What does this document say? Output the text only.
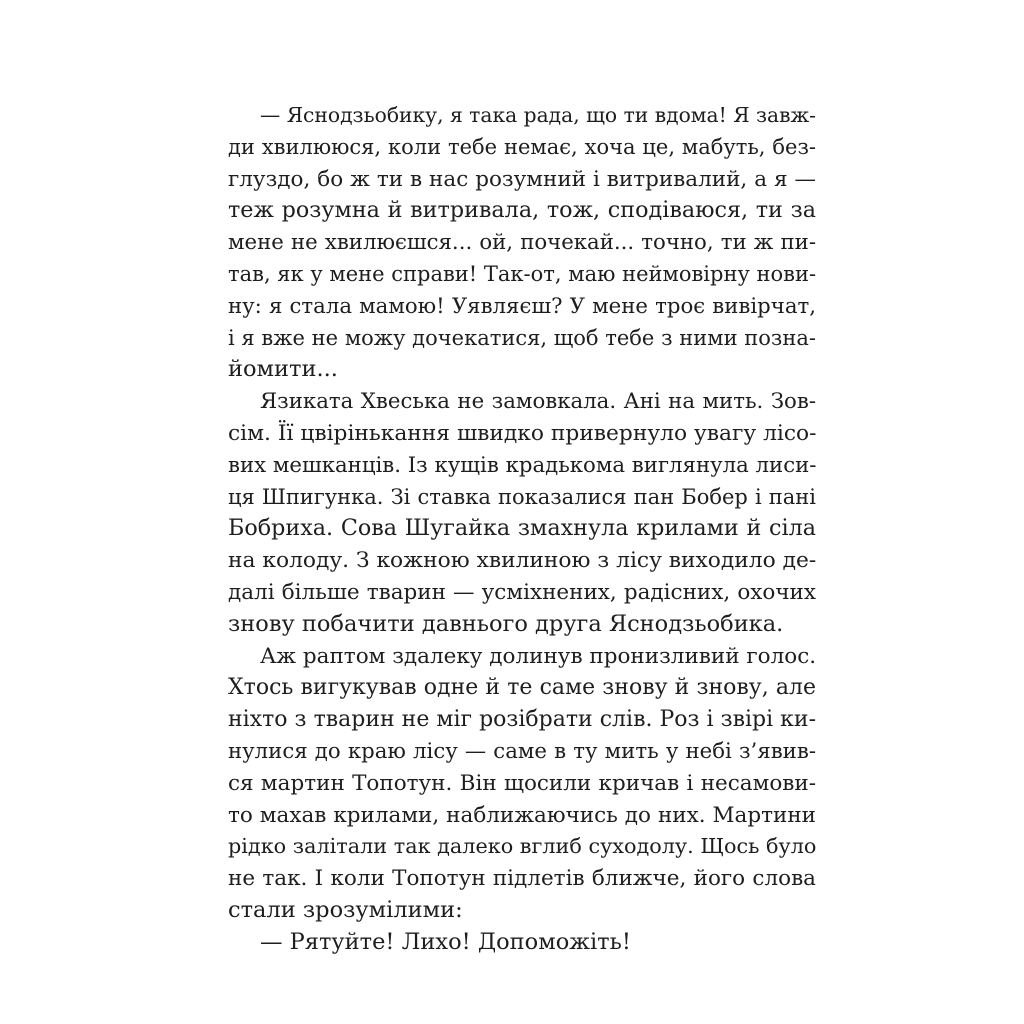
— Яснодзьобику, я така рада, що ти вдома! Я завж-
ди хвилююся, коли тебе немає, хоча це, мабуть, без-
глуздо, бо ж ти в нас розумний і витривалий, а я —
теж розумна й витривала, тож, сподіваюся, ти за
мене не хвилюєшся... ой, почекай... точно, ти ж пи-
тав, як у мене справи! Так-от, маю неймовірну нови-
ну: я стала мамою! Уявляєш? У мене троє вивірчат,
і я вже не можу дочекатися, щоб тебе з ними позна-
йомити...
Язиката Хвеська не замовкала. Ані на мить. Зов-
сім. Її цвірінькання швидко привернуло увагу лісо-
вих мешканців. Із кущів крадькома виглянула лиси-
ця Шпигунка. Зі ставка показалися пан Бобер і пані
Бобриха. Сова Шугайка змахнула крилами й сіла
на колоду. З кожною хвилиною з лісу виходило де-
далі більше тварин — усміхнених, радісних, охочих
знову побачити давнього друга Яснодзьобика.
Аж раптом здалеку долинув пронизливий голос.
Хтось вигукував одне й те саме знову й знову, але
ніхто з тварин не міг розібрати слів. Роз і звірі ки-
нулися до краю лісу — саме в ту мить у небі з’явив-
ся мартин Топотун. Він щосили кричав і несамови-
то махав крилами, наближаючись до них. Мартини
рідко залітали так далеко вглиб суходолу. Щось було
не так. І коли Топотун підлетів ближче, його слова
стали зрозумілими:
— Рятуйте! Лихо! Допоможіть!
